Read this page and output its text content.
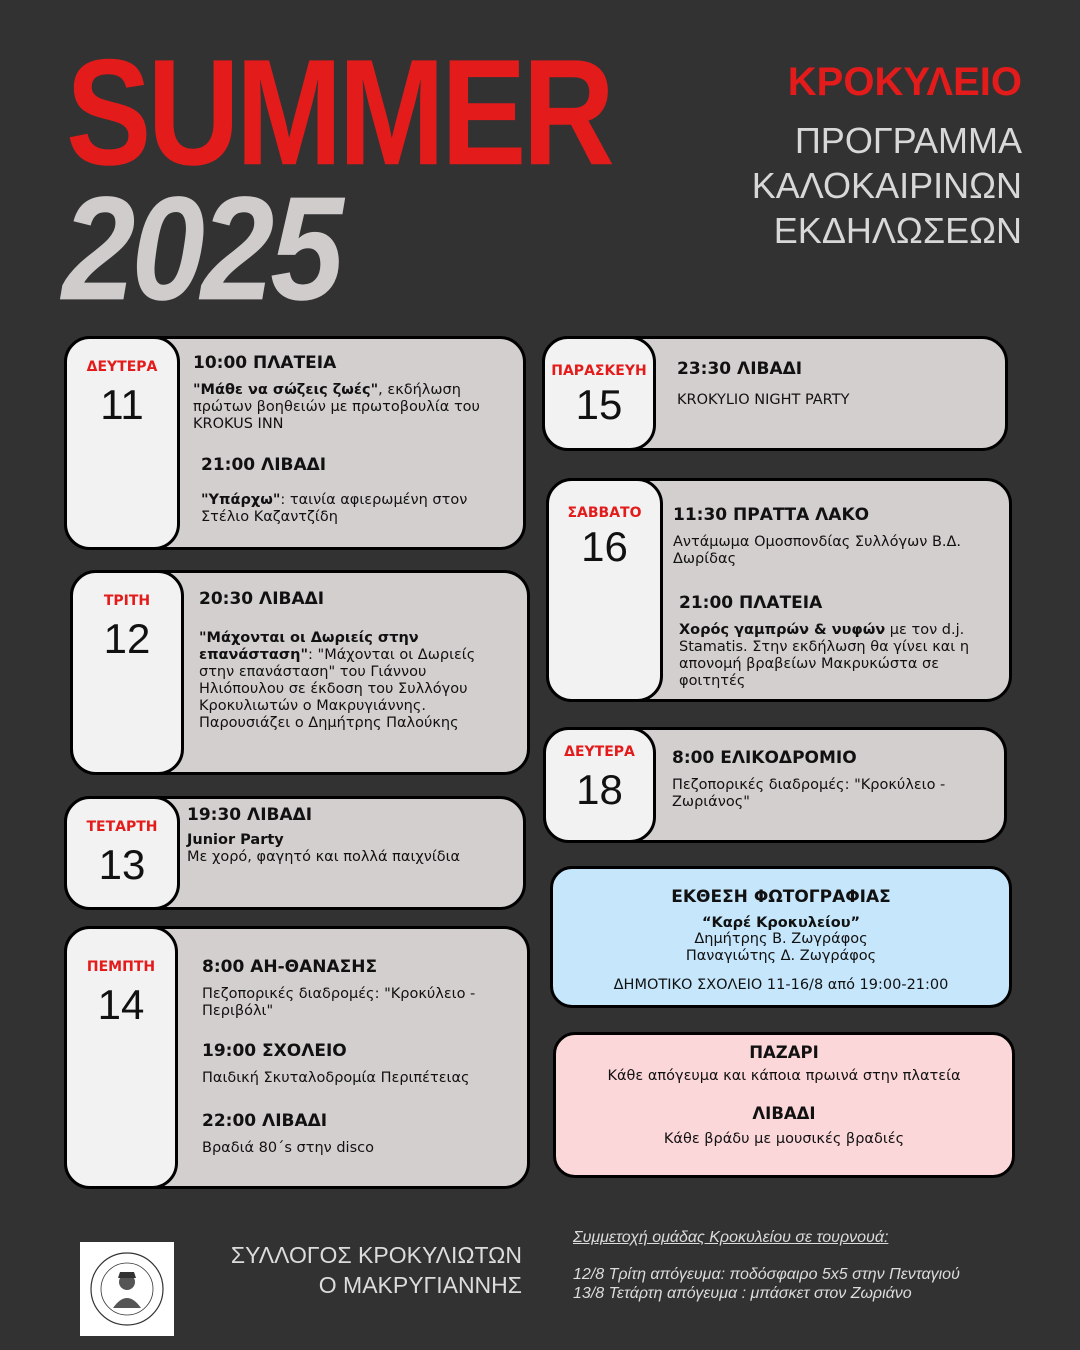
SUMMER
2025
ΚΡΟΚΥΛΕΙΟ
ΠΡΟΓΡΑΜΜΑ
ΚΑΛΟΚΑΙΡΙΝΩΝ
ΕΚΔΗΛΩΣΕΩΝ
ΔΕΥΤΕΡΑ
11
10:00 ΠΛΑΤΕΙΑ
"Μάθε να σώζεις ζωές", εκδήλωση πρώτων βοηθειών με πρωτοβουλία του KROKUS INN
21:00 ΛΙΒΑΔΙ
"Υπάρχω": ταινία αφιερωμένη στον Στέλιο Καζαντζίδη
ΤΡΙΤΗ
12
20:30 ΛΙΒΑΔΙ
"Μάχονται οι Δωριείς στην επανάσταση": "Μάχονται οι Δωριείς στην επανάσταση" του Γιάννου Ηλιόπουλου σε έκδοση του Συλλόγου Κροκυλιωτών ο Μακρυγιάννης. Παρουσιάζει ο Δημήτρης Παλούκης
ΤΕΤΑΡΤΗ
13
19:30 ΛΙΒΑΔΙ
Junior Party
Με χορό, φαγητό και πολλά παιχνίδια
ΠΕΜΠΤΗ
14
8:00 ΑΗ-ΘΑΝΑΣΗΣ
Πεζοπορικές διαδρομές: "Κροκύλειο - Περιβόλι"
19:00 ΣΧΟΛΕΙΟ
Παιδική Σκυταλοδρομία Περιπέτειας
22:00 ΛΙΒΑΔΙ
Βραδιά 80΄s στην disco
ΠΑΡΑΣΚΕΥΗ
15
23:30 ΛΙΒΑΔΙ
KROKYLIO NIGHT PARTY
ΣΑΒΒΑΤΟ
16
11:30 ΠΡΑΤΤΑ ΛΑΚΟ
Αντάμωμα Ομοσπονδίας Συλλόγων Β.Δ. Δωρίδας
21:00 ΠΛΑΤΕΙΑ
Χορός γαμπρών & νυφών με τον d.j. Stamatis. Στην εκδήλωση θα γίνει και η απονομή βραβείων Μακρυκώστα σε φοιτητές
ΔΕΥΤΕΡΑ
18
8:00 ΕΛΙΚΟΔΡΟΜΙΟ
Πεζοπορικές διαδρομές: "Κροκύλειο - Ζωριάνος"
ΕΚΘΕΣΗ ΦΩΤΟΓΡΑΦΙΑΣ
“Καρέ Κροκυλείου”
Δημήτρης Β. Ζωγράφος
Παναγιώτης Δ. Ζωγράφος
ΔΗΜΟΤΙΚΟ ΣΧΟΛΕΙΟ 11-16/8 από 19:00-21:00
ΠΑΖΑΡΙ
Κάθε απόγευμα και κάποια πρωινά στην πλατεία
ΛΙΒΑΔΙ
Κάθε βράδυ με μουσικές βραδιές
ΣΥΛΛΟΓΟΣ ΚΡΟΚΥΛΙΩΤΩΝ
Ο ΜΑΚΡΥΓΙΑΝΝΗΣ
Συμμετοχή ομάδας Κροκυλείου σε τουρνουά:
12/8 Τρίτη απόγευμα: ποδόσφαιρο 5x5 στην Πενταγιού
13/8 Τετάρτη απόγευμα : μπάσκετ στον Ζωριάνο
